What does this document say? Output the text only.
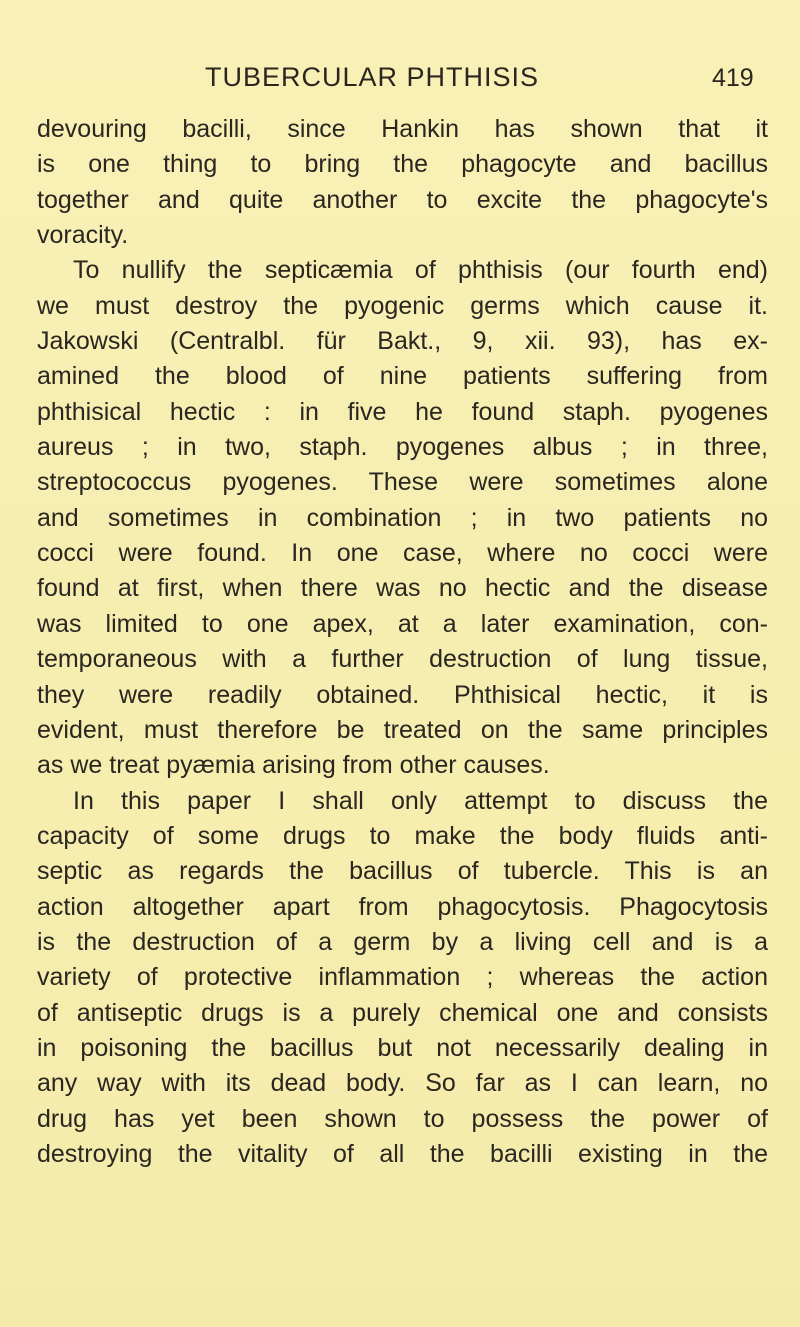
TUBERCULAR PHTHISIS	419
devouring bacilli, since Hankin has shown that it
is one thing to bring the phagocyte and bacillus
together and quite another to excite the phagocyte's
voracity.
To nullify the septicæmia of phthisis (our fourth end)
we must destroy the pyogenic germs which cause it.
Jakowski (Centralbl. für Bakt., 9, xii. 93), has ex-
amined the blood of nine patients suffering from
phthisical hectic : in five he found staph. pyogenes
aureus ; in two, staph. pyogenes albus ; in three,
streptococcus pyogenes. These were sometimes alone
and sometimes in combination ; in two patients no
cocci were found. In one case, where no cocci were
found at first, when there was no hectic and the disease
was limited to one apex, at a later examination, con-
temporaneous with a further destruction of lung tissue,
they were readily obtained. Phthisical hectic, it is
evident, must therefore be treated on the same principles
as we treat pyæmia arising from other causes.
In this paper I shall only attempt to discuss the
capacity of some drugs to make the body fluids anti-
septic as regards the bacillus of tubercle. This is an
action altogether apart from phagocytosis. Phagocytosis
is the destruction of a germ by a living cell and is a
variety of protective inflammation ; whereas the action
of antiseptic drugs is a purely chemical one and consists
in poisoning the bacillus but not necessarily dealing in
any way with its dead body. So far as I can learn, no
drug has yet been shown to possess the power of
destroying the vitality of all the bacilli existing in the
